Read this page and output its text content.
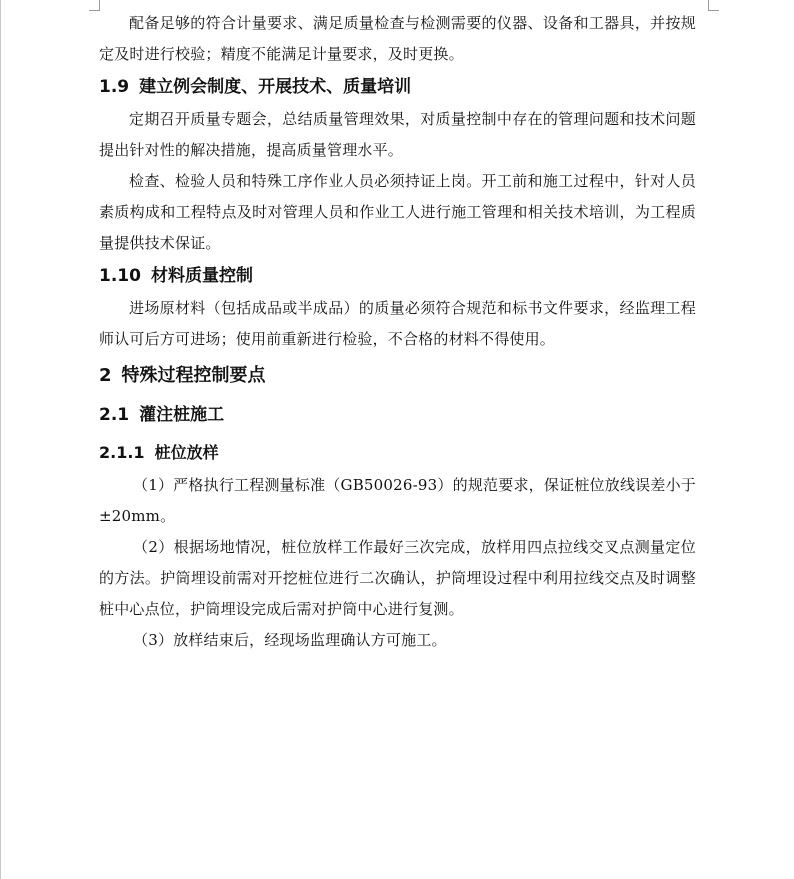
配备足够的符合计量要求、满足质量检查与检测需要的仪器、设备和工器具，并按规定及时进行校验；精度不能满足计量要求，及时更换。

1.9 建立例会制度、开展技术、质量培训

定期召开质量专题会，总结质量管理效果，对质量控制中存在的管理问题和技术问题提出针对性的解决措施，提高质量管理水平。

检查、检验人员和特殊工序作业人员必须持证上岗。开工前和施工过程中，针对人员素质构成和工程特点及时对管理人员和作业工人进行施工管理和相关技术培训，为工程质量提供技术保证。

1.10 材料质量控制

进场原材料（包括成品或半成品）的质量必须符合规范和标书文件要求，经监理工程师认可后方可进场；使用前重新进行检验，不合格的材料不得使用。

2 特殊过程控制要点
2.1 灌注桩施工
2.1.1 桩位放样

（1）严格执行工程测量标准（GB50026-93）的规范要求，保证桩位放线误差小于±20mm。

（2）根据场地情况，桩位放样工作最好三次完成，放样用四点拉线交叉点测量定位的方法。护筒埋设前需对开挖桩位进行二次确认，护筒埋设过程中利用拉线交点及时调整桩中心点位，护筒埋设完成后需对护筒中心进行复测。

（3）放样结束后，经现场监理确认方可施工。
